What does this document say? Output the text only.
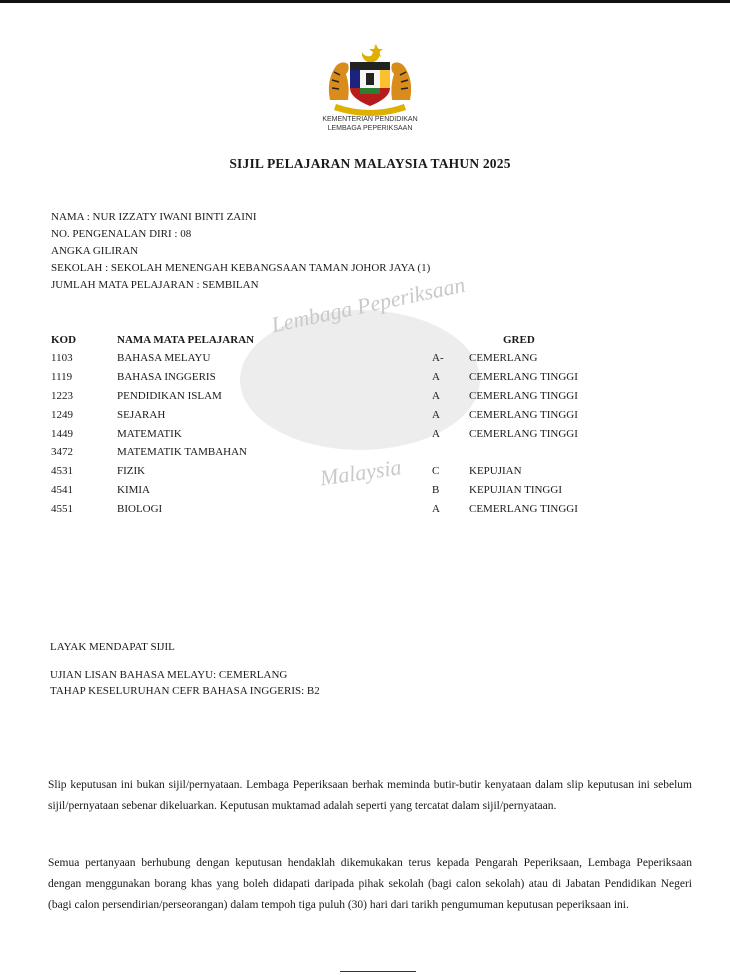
KEMENTERIAN PENDIDIKAN
LEMBAGA PEPERIKSAAN
SIJIL PELAJARAN MALAYSIA TAHUN 2025
NAMA : NUR IZZATY IWANI BINTI ZAINI
NO. PENGENALAN DIRI : 08
ANGKA GILIRAN
SEKOLAH : SEKOLAH MENENGAH KEBANGSAAN TAMAN JOHOR JAYA (1)
JUMLAH MATA PELAJARAN : SEMBILAN Lembaga Peperiksaan
Malaysia
KOD	NAMA MATA PELAJARAN	GRED
1103	BAHASA MELAYU	A- CEMERLANG
1119	BAHASA INGGERIS	A	CEMERLANG TINGGI
1223	PENDIDIKAN ISLAM	A	CEMERLANG TINGGI
1249	SEJARAH	A	CEMERLANG TINGGI
1449	MATEMATIK	A	CEMERLANG TINGGI
3472	MATEMATIK TAMBAHAN
4531	FIZIK	C	KEPUJIAN
4541	KIMIA	B	KEPUJIAN TINGGI
4551	BIOLOGI	A	CEMERLANG TINGGI
LAYAK MENDAPAT SIJIL
UJIAN LISAN BAHASA MELAYU: CEMERLANG
TAHAP KESELURUHAN CEFR BAHASA INGGERIS: B2

Slip keputusan ini bukan sijil/pernyataan. Lembaga Peperiksaan berhak meminda butir-butir kenyataan dalam slip keputusan ini sebelum sijil/pernyataan sebenar dikeluarkan. Keputusan muktamad adalah seperti yang tercatat dalam sijil/pernyataan.

Semua pertanyaan berhubung dengan keputusan hendaklah dikemukakan terus kepada Pengarah Peperiksaan, Lembaga Peperiksaan dengan menggunakan borang khas yang boleh didapati daripada pihak sekolah (bagi calon sekolah) atau di Jabatan Pendidikan Negeri (bagi calon persendirian/perseorangan) dalam tempoh tiga puluh (30) hari dari tarikh pengumuman keputusan peperiksaan ini.
